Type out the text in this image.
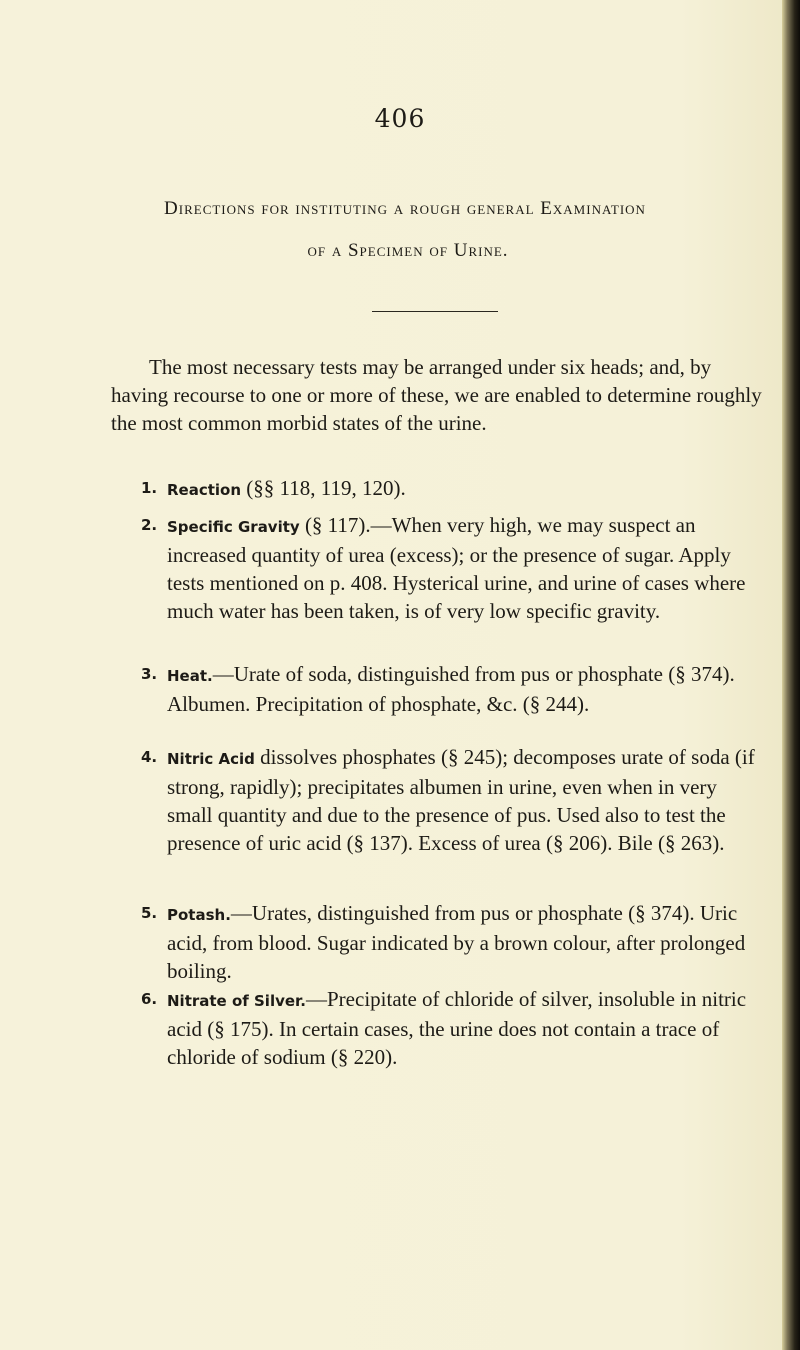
406
Directions for instituting a rough general Examination
of a Specimen of Urine.
The most necessary tests may be arranged under six heads; and, by having recourse to one or more of these, we are enabled to determine roughly the most common morbid states of the urine.
1. Reaction (§§ 118, 119, 120).
2. Specific Gravity (§ 117).—When very high, we may suspect an increased quantity of urea (excess); or the presence of sugar. Apply tests mentioned on p. 408. Hysterical urine, and urine of cases where much water has been taken, is of very low specific gravity.
3. Heat.—Urate of soda, distinguished from pus or phosphate (§ 374). Albumen. Precipitation of phosphate, &c. (§ 244).
4. Nitric Acid dissolves phosphates (§ 245); decomposes urate of soda (if strong, rapidly); precipitates albumen in urine, even when in very small quantity and due to the presence of pus. Used also to test the presence of uric acid (§ 137). Excess of urea (§ 206). Bile (§ 263).
5. Potash.—Urates, distinguished from pus or phosphate (§ 374). Uric acid, from blood. Sugar indicated by a brown colour, after prolonged boiling.
6. Nitrate of Silver.—Precipitate of chloride of silver, insoluble in nitric acid (§ 175). In certain cases, the urine does not contain a trace of chloride of sodium (§ 220).
